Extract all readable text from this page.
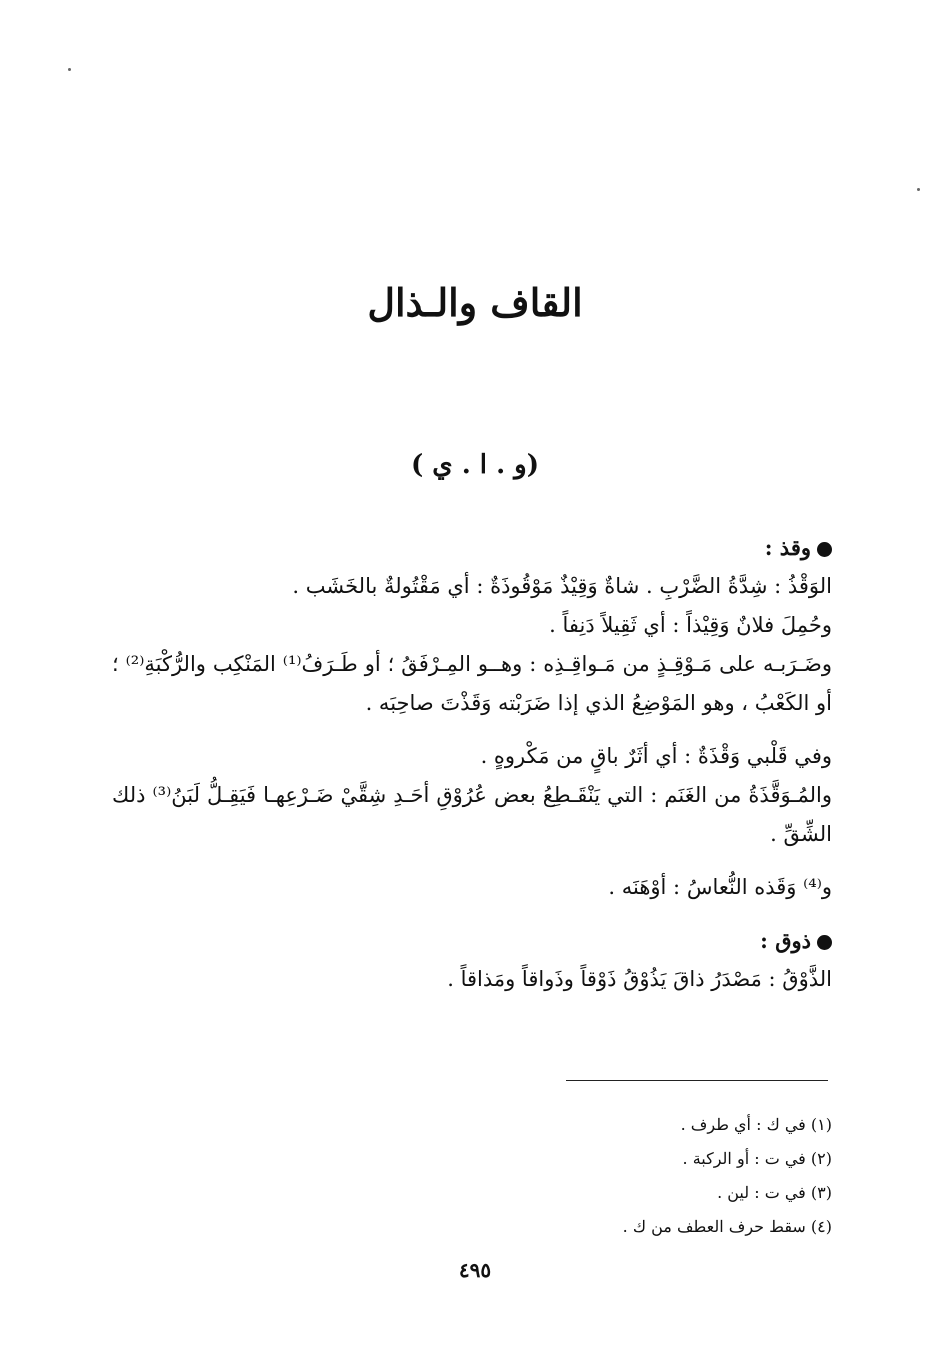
القاف والـذال
(و . ا . ي )

وقذ :

الوَقْذُ : شِدَّةُ الضَّرْبِ . شاةٌ وَقِيْذٌ مَوْقُوذَةٌ : أي مَقْتُولةٌ بالخَشَب .

وحُمِلَ فلانٌ وَقِيْذاً : أي ثَقِيلاً دَنِفاً .

وضَـرَبـه على مَـوْقِـذٍ من مَـواقِـذِه : وهــو المِـرْفَقُ ؛ أو طَـرَفُ⁽¹⁾ المَنْكِب والرُّكْبَةِ⁽²⁾ ؛ أو الكَعْبُ ، وهو المَوْضِعُ الذي إذا ضَرَبْته وَقَذْتَ صاحِبَه .

وفي قَلْبي وَقْذَةٌ : أي أثَرٌ باقٍ من مَكْروهٍ .

والمُـوَقَّذَةُ من الغَنَم : التي يَنْقَـطِعُ بعض عُرُوْقِ أحَـدِ شِقَّيْ ضَـرْعِهـا فَيَقِـلُّ لَبَنُ⁽³⁾ ذلك الشِّقِّ .

و⁽⁴⁾ وَقَذه النُّعاسُ : أوْهَنَه .

ذوق :

الذَّوْقُ : مَصْدَرُ ذاقَ يَذُوْقُ ذَوْقاً وذَواقاً ومَذاقاً .

(١) في ك : أي طرف .

(٢) في ت : أو الركبة .

(٣) في ت : لين .

(٤) سقط حرف العطف من ك .

٤٩٥
